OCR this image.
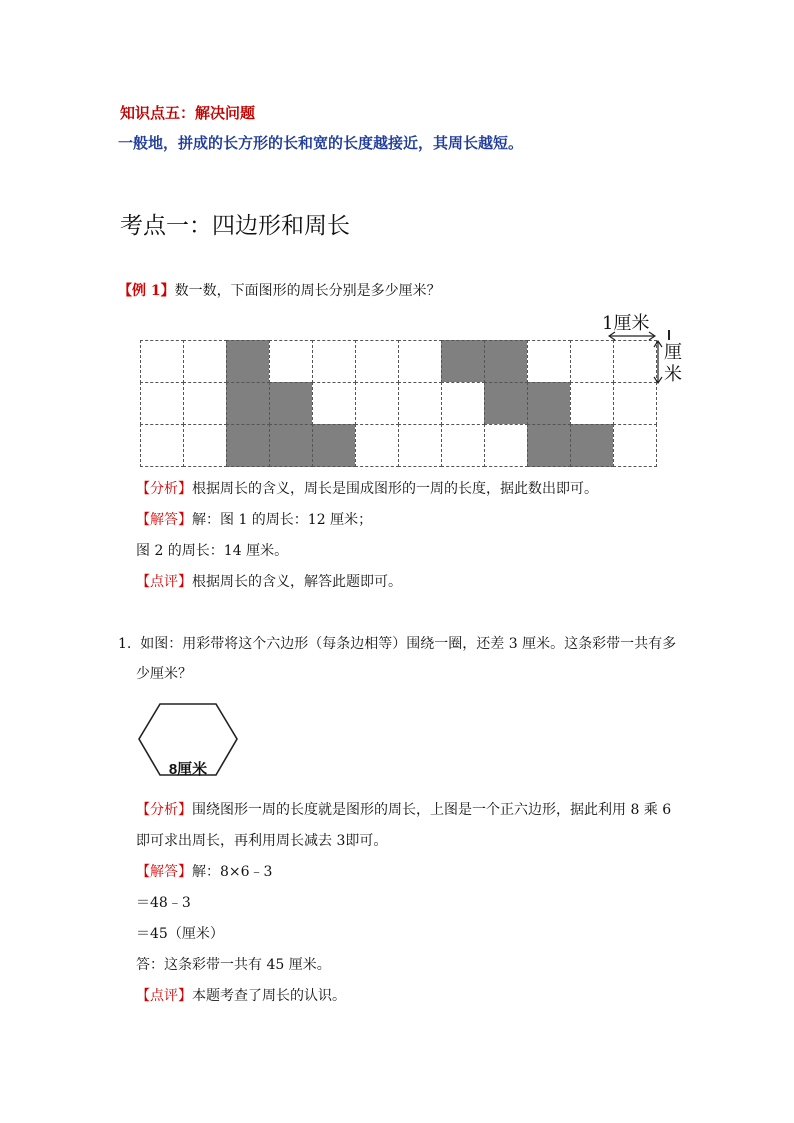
知识点五：解决问题
一般地，拼成的长方形的长和宽的长度越接近，其周长越短。
考点一：四边形和周长
【例 1】数一数，下面图形的周长分别是多少厘米？
1厘米
厘
米
【分析】根据周长的含义，周长是围成图形的一周的长度，据此数出即可。
【解答】解：图 1 的周长：12 厘米；
图 2 的周长：14 厘米。
【点评】根据周长的含义，解答此题即可。
1. 如图：用彩带将这个六边形（每条边相等）围绕一圈，还差 3 厘米。这条彩带一共有多
少厘米？
8厘米
【分析】围绕图形一周的长度就是图形的周长，上图是一个正六边形，据此利用 8 乘 6
即可求出周长，再利用周长减去 3即可。
【解答】解：8×6﹣3
＝48﹣3
＝45（厘米）
答：这条彩带一共有 45 厘米。
【点评】本题考查了周长的认识。
